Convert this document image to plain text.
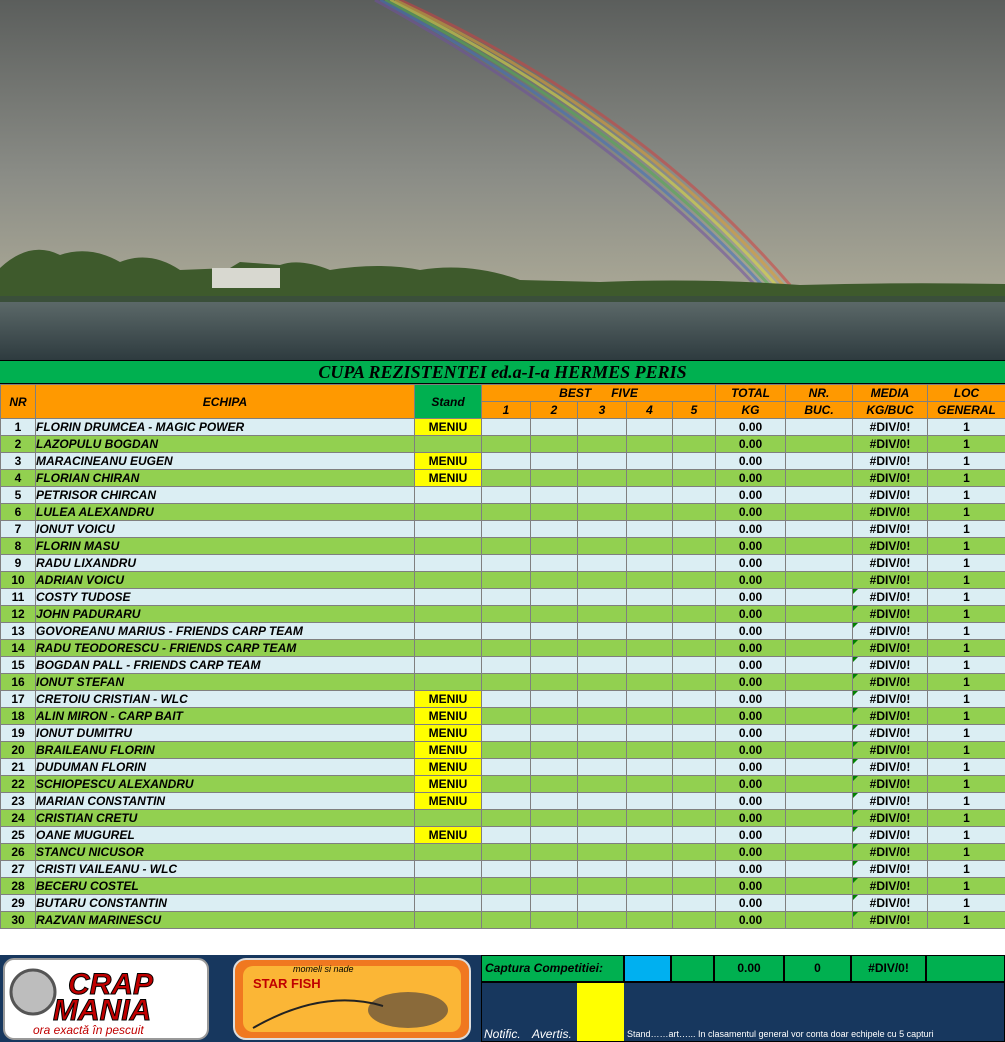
CUPA REZISTENTEI ed.a-I-a HERMES PERIS
NR	ECHIPA	Stand	BEST FIVE					TOTAL	NR.	MEDIA	LOC
			1	2	3	4	5	KG	BUC.	KG/BUC	GENERAL
1	FLORIN DRUMCEA - MAGIC POWER	MENIU						0.00		#DIV/0!	1
2	LAZOPULU BOGDAN							0.00		#DIV/0!	1
3	MARACINEANU EUGEN	MENIU						0.00		#DIV/0!	1
4	FLORIAN CHIRAN	MENIU						0.00		#DIV/0!	1
5	PETRISOR CHIRCAN							0.00		#DIV/0!	1
6	LULEA ALEXANDRU							0.00		#DIV/0!	1
7	IONUT VOICU							0.00		#DIV/0!	1
8	FLORIN MASU							0.00		#DIV/0!	1
9	RADU LIXANDRU							0.00		#DIV/0!	1
10	ADRIAN VOICU							0.00		#DIV/0!	1
11	COSTY TUDOSE							0.00		#DIV/0!	1
12	JOHN PADURARU							0.00		#DIV/0!	1
13	GOVOREANU MARIUS - FRIENDS CARP TEAM							0.00		#DIV/0!	1
14	RADU TEODORESCU - FRIENDS CARP TEAM							0.00		#DIV/0!	1
15	BOGDAN PALL - FRIENDS CARP TEAM							0.00		#DIV/0!	1
16	IONUT STEFAN							0.00		#DIV/0!	1
17	CRETOIU CRISTIAN - WLC	MENIU						0.00		#DIV/0!	1
18	ALIN MIRON - CARP BAIT	MENIU						0.00		#DIV/0!	1
19	IONUT DUMITRU	MENIU						0.00		#DIV/0!	1
20	BRAILEANU FLORIN	MENIU						0.00		#DIV/0!	1
21	DUDUMAN FLORIN	MENIU						0.00		#DIV/0!	1
22	SCHIOPESCU ALEXANDRU	MENIU						0.00		#DIV/0!	1
23	MARIAN CONSTANTIN	MENIU						0.00		#DIV/0!	1
24	CRISTIAN CRETU							0.00		#DIV/0!	1
25	OANE MUGUREL	MENIU						0.00		#DIV/0!	1
26	STANCU NICUSOR							0.00		#DIV/0!	1
27	CRISTI VAILEANU - WLC							0.00		#DIV/0!	1
28	BECERU COSTEL							0.00		#DIV/0!	1
29	BUTARU CONSTANTIN							0.00		#DIV/0!	1
30	RAZVAN MARINESCU							0.00		#DIV/0!	1
CRAP
MANIA
ora exactă în pescuit
momeli si nade
STAR FISH
Captura Competitiei:	0.00	0	#DIV/0!
Notific. Avertis.	Stand……art…... In clasamentul general vor conta doar echipele cu 5 capturi
